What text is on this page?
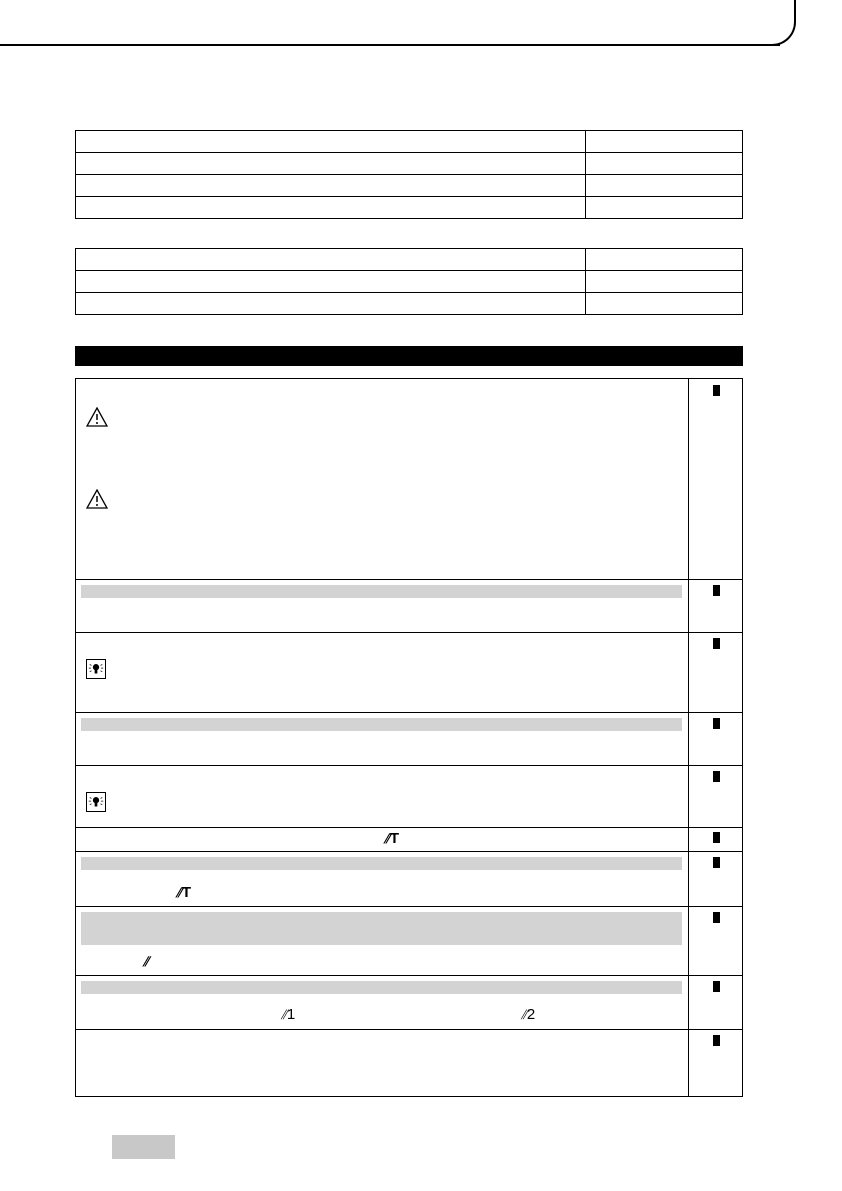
⫽T
⫽T
⫽
⫽1	⫽2
